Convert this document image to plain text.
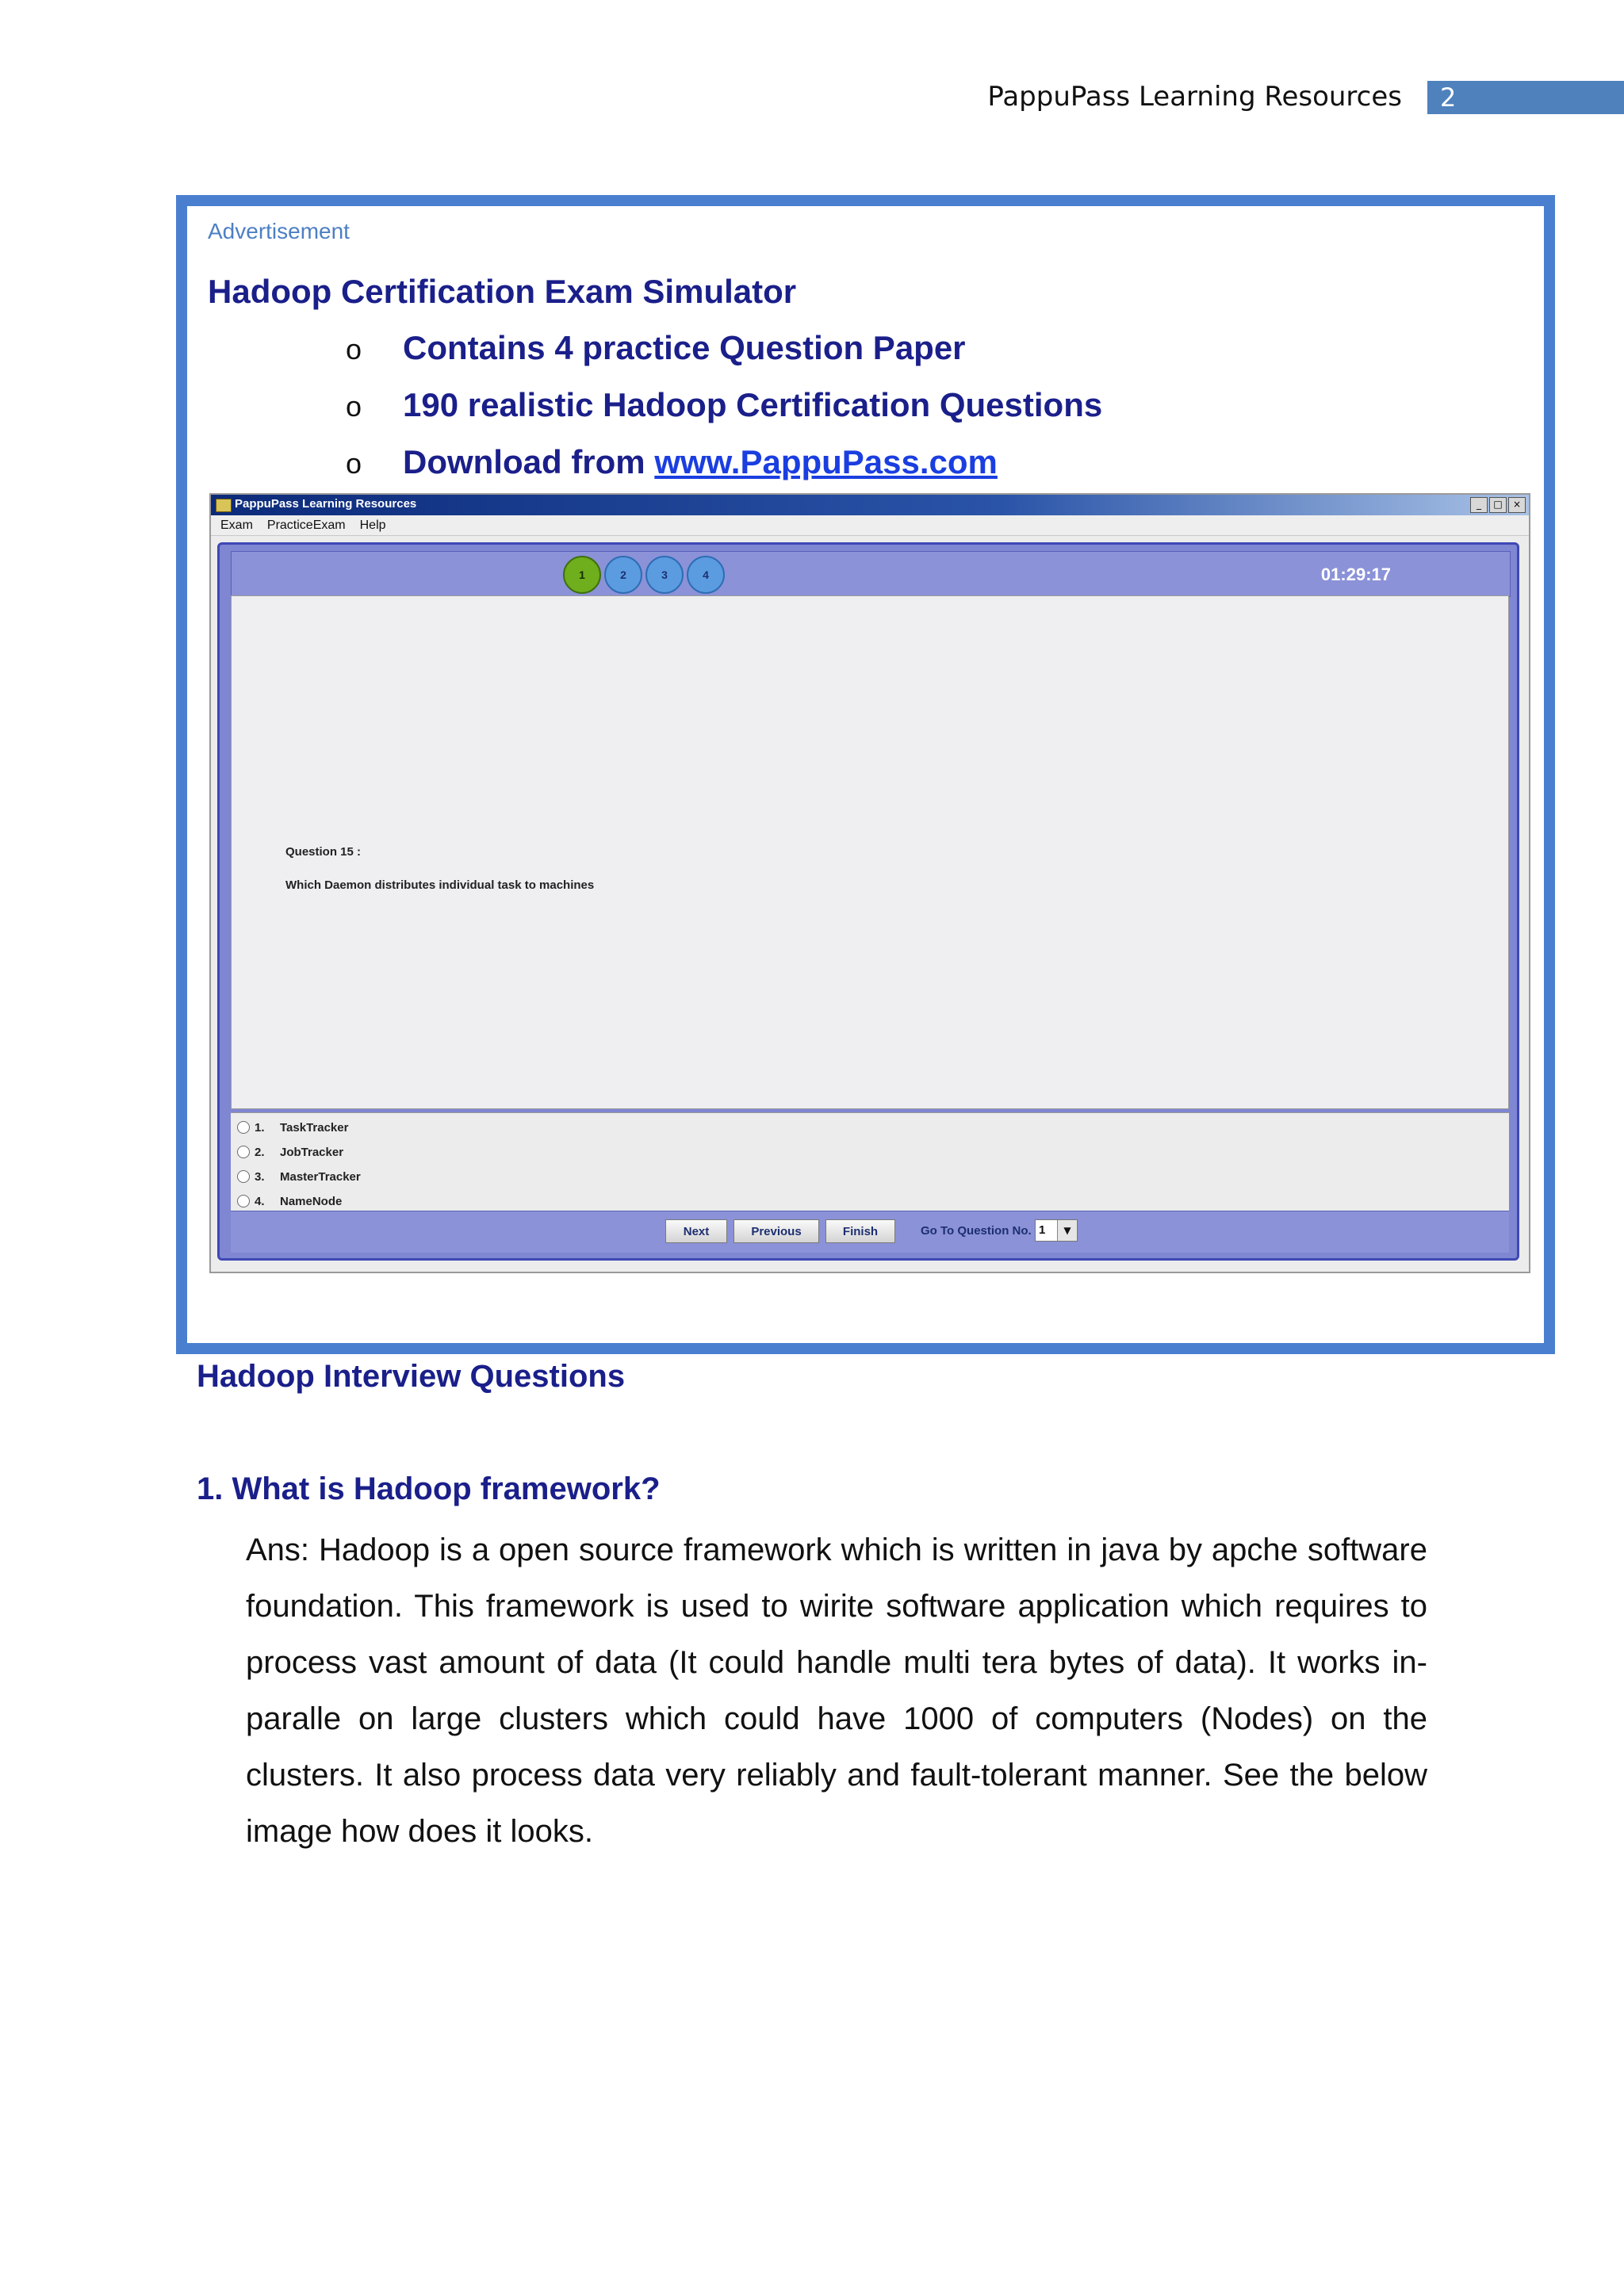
PappuPass Learning Resources 2
Advertisement
Hadoop Certification Exam Simulator
o Contains 4 practice Question Paper
o 190 realistic Hadoop Certification Questions
o Download from www.PappuPass.com
PappuPass Learning Resources	_	□	×
Exam PracticeExam Help
1	2	3	4	01:29:17
Question 15 :
Which Daemon distributes individual task to machines
1.	TaskTracker
2.	JobTracker
3.	MasterTracker
4.	NameNode
Next	Previous	Finish	Go To Question No. 1	▼
Hadoop Interview Questions
1. What is Hadoop framework?

Ans: Hadoop is a open source framework which is written in java by apche software foundation. This framework is used to wirite software application which requires to process vast amount of data (It could handle multi tera bytes of data). It works in-paralle on large clusters which could have 1000 of computers (Nodes) on the clusters. It also process data very reliably and fault-tolerant manner. See the below image how does it looks.
